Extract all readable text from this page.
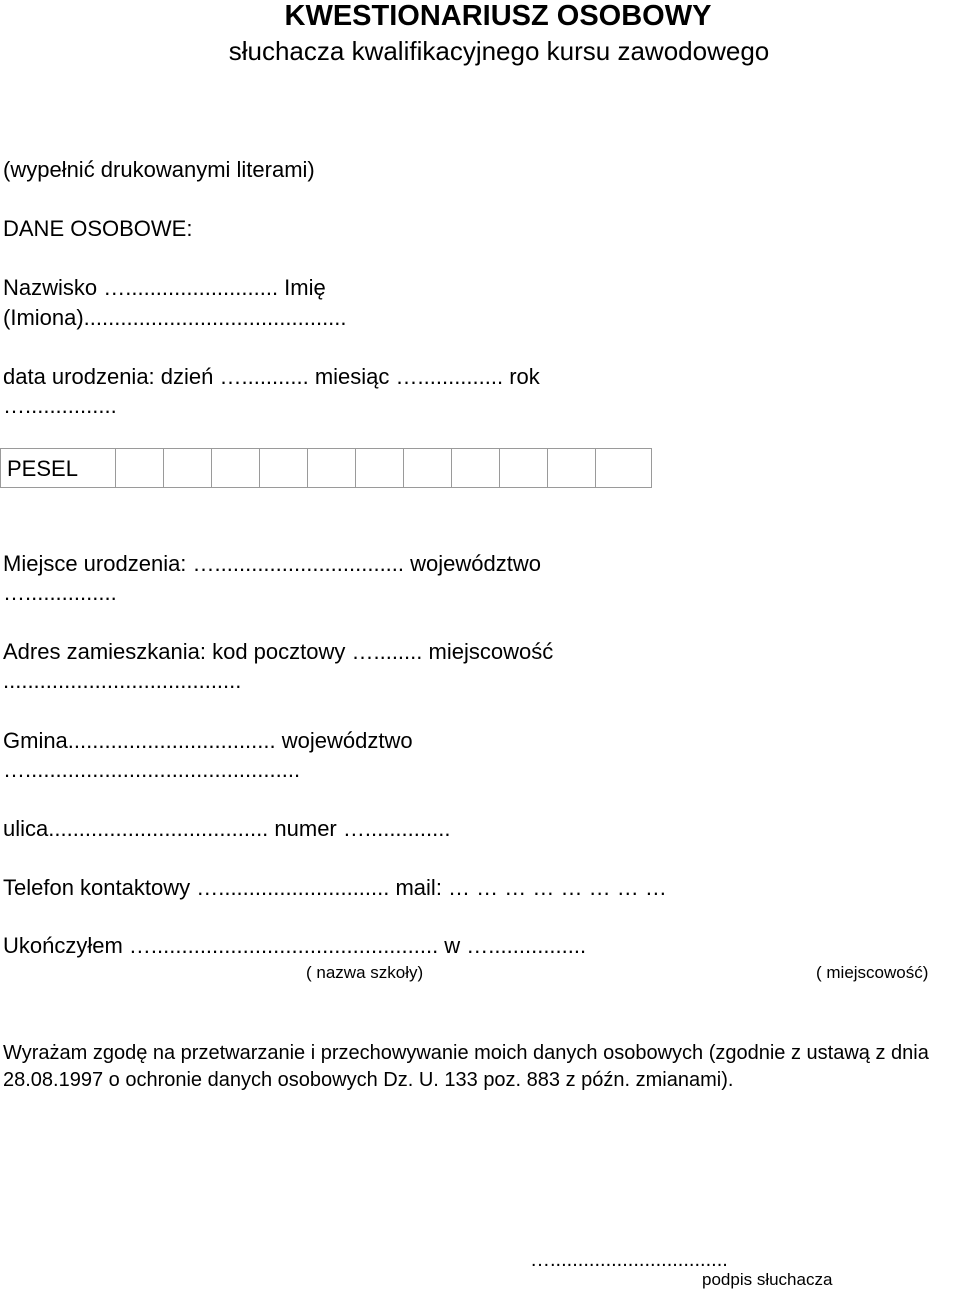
KWESTIONARIUSZ OSOBOWY
słuchacza kwalifikacyjnego kursu zawodowego
(wypełnić drukowanymi literami)
DANE OSOBOWE:
Nazwisko …......................... Imię
(Imiona)...........................................
data urodzenia: dzień …........... miesiąc ….............. rok
…...............
PESEL
Miejsce urodzenia: …............................... województwo
…...............
Adres zamieszkania: kod pocztowy …........ miejscowość
.......................................
Gmina.................................. województwo
….............................................
ulica.................................... numer …..............
Telefon kontaktowy …............................ mail: … … … … … … … …
Ukończyłem …............................................... w …................
( nazwa szkoły)	( miejscowość)
Wyrażam zgodę na przetwarzanie i przechowywanie moich danych osobowych (zgodnie z ustawą z dnia 28.08.1997 o ochronie danych osobowych Dz. U. 133 poz. 883 z późn. zmianami).
…................................
podpis słuchacza
